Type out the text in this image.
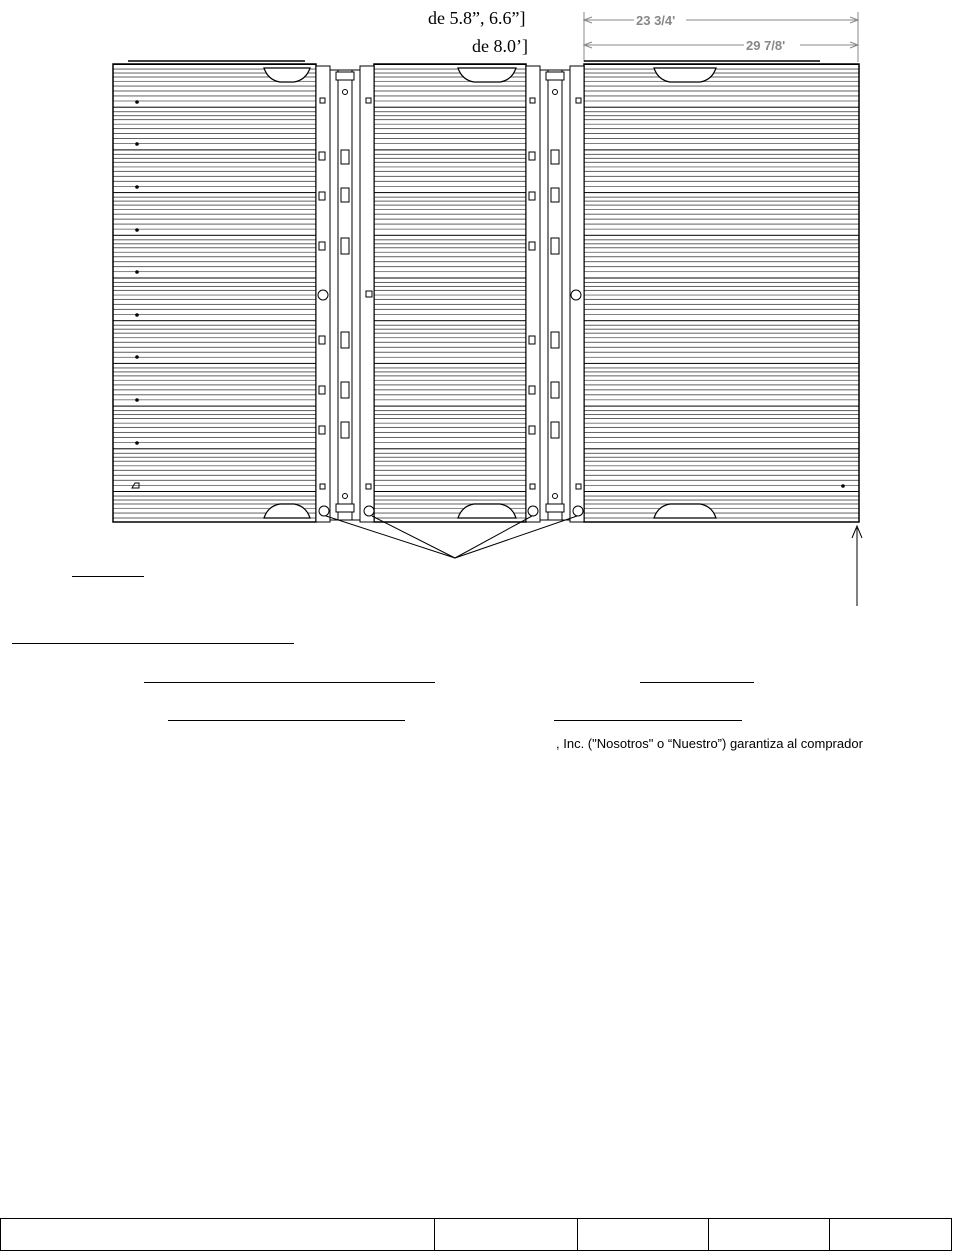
de 5.8”, 6.6”]
de 8.0’]
23 3/4'
29 7/8'
, Inc. ("Nosotros" o “Nuestro”) garantiza al comprador
